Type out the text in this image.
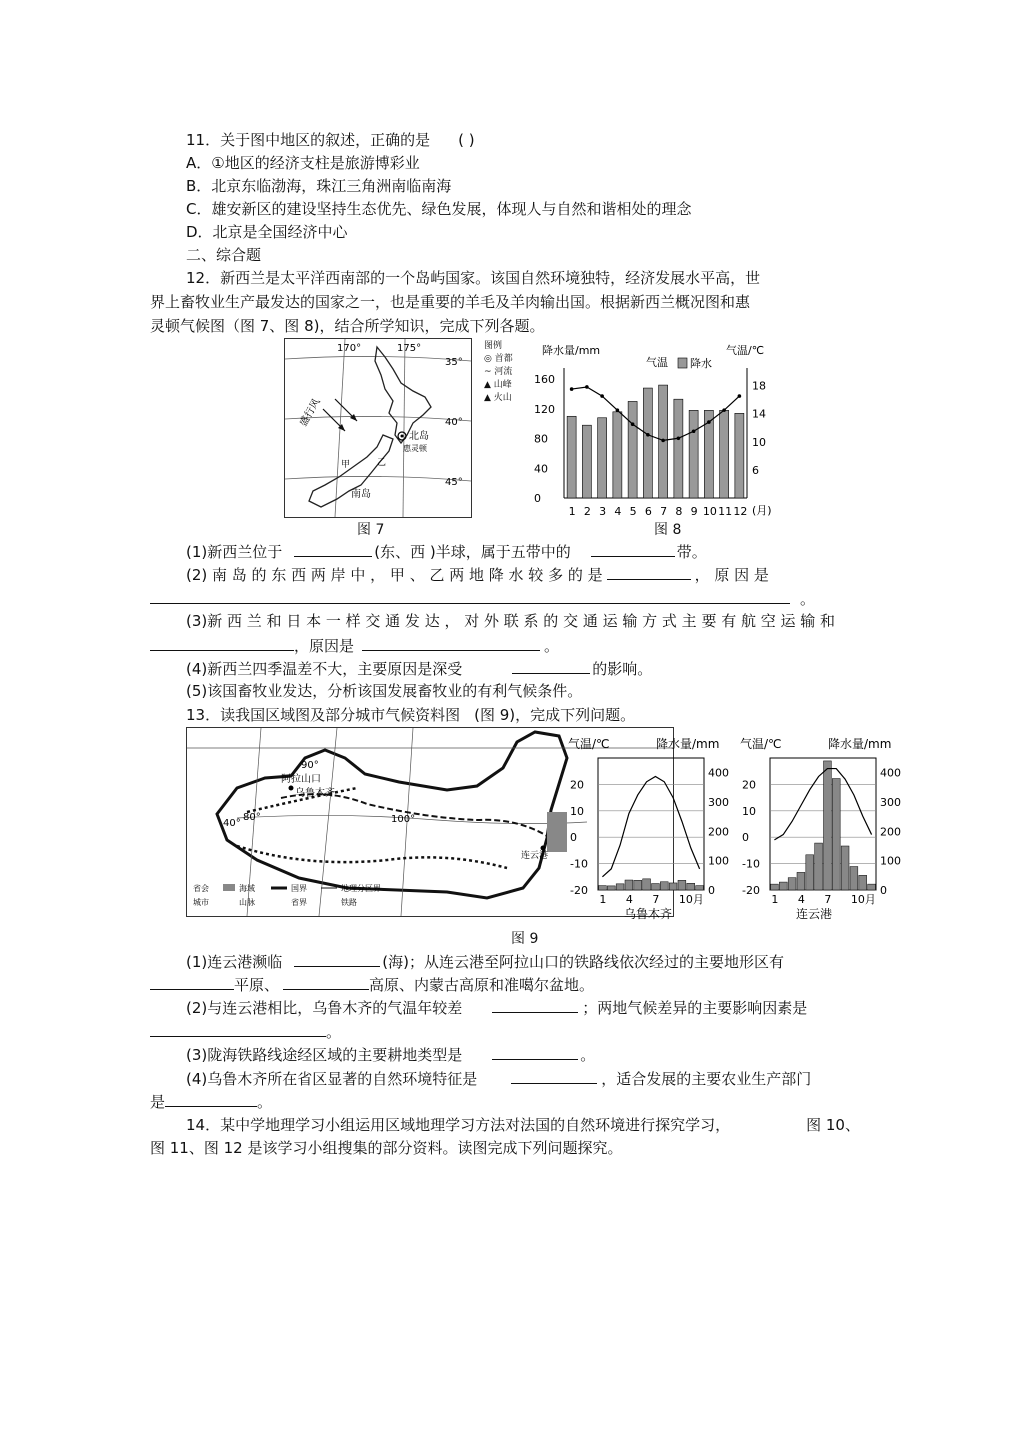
11．关于图中地区的叙述，正确的是 ( )
A．①地区的经济支柱是旅游博彩业
B．北京东临渤海，珠江三角洲南临南海
C．雄安新区的建设坚持生态优先、绿色发展，体现人与自然和谐相处的理念
D．北京是全国经济中心
二、综合题
12．新西兰是太平洋西南部的一个岛屿国家。该国自然环境独特，经济发展水平高，世
界上畜牧业生产最发达的国家之一，也是重要的羊毛及羊肉输出国。根据新西兰概况图和惠
灵顿气候图（图 7、图 8)，结合所学知识，完成下列各题。
170°	175°
35°
40°
45°
北岛
南岛
惠灵顿
甲	乙
盛行风
图例
◎ 首都
~ 河流
▲ 山峰
▲ 火山
图 7
降水量/mm	气温/℃
气温 降水
160
120
80
40
0
18
14
10
6
1 2 3 4 5 6 7 8 9 10 11 12 (月)
图 8
(1)新西兰位于	(东、西 )半球，属于五带中的	带。
(2) 南 岛 的 东 西 两 岸 中 ， 甲 、 乙 两 地 降 水 较 多 的 是	， 原 因 是
。
(3)新 西 兰 和 日 本 一 样 交 通 发 达 ， 对 外 联 系 的 交 通 运 输 方 式 主 要 有 航 空 运 输 和
，原因是	。
(4)新西兰四季温差不大，主要原因是深受	的影响。
(5)该国畜牧业发达，分析该国发展畜牧业的有利气候条件。
13．读我国区域图及部分城市气候资料图 (图 9)，完成下列问题。
90°
80°	100°
40°
阿拉山口
乌鲁木齐
连云港
省会
城市
海域
山脉
国界
省界
地理分区界
铁路
气温/℃	降水量/mm
20
10
0
-10
-20
400
300
200
100
0
1 4 7 10月
乌鲁木齐
气温/℃	降水量/mm
20
10
0
-10
-20
400
300
200
100
0
1 4 7 10月
连云港
图 9
(1)连云港濒临	(海)；从连云港至阿拉山口的铁路线依次经过的主要地形区有
平原、	高原、内蒙古高原和准噶尔盆地。
(2)与连云港相比，乌鲁木齐的气温年较差	；两地气候差异的主要影响因素是
。
(3)陇海铁路线途经区域的主要耕地类型是	。
(4)乌鲁木齐所在省区显著的自然环境特征是	，适合发展的主要农业生产部门
是	。
14．某中学地理学习小组运用区域地理学习方法对法国的自然环境进行探究学习，	图 10、
图 11、图 12 是该学习小组搜集的部分资料。读图完成下列问题探究。
